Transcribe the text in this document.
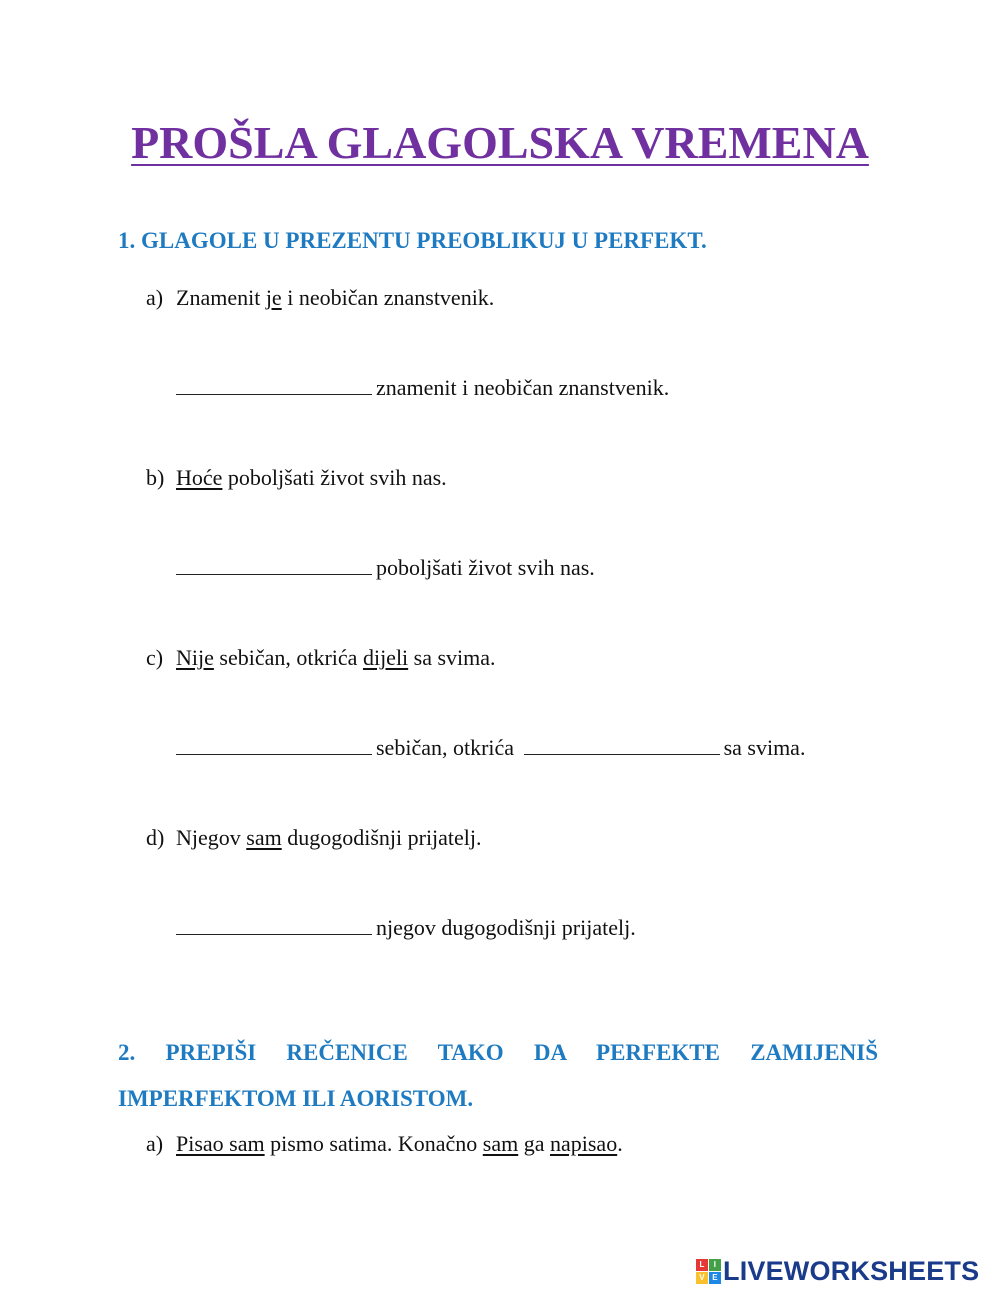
PROŠLA GLAGOLSKA VREMENA
1. GLAGOLE U PREZENTU PREOBLIKUJ U PERFEKT.
a) Znamenit je i neobičan znanstvenik.
znamenit i neobičan znanstvenik.
b) Hoće poboljšati život svih nas.
poboljšati život svih nas.
c) Nije sebičan, otkrića dijeli sa svima.
sebičan, otkrića	sa svima.
d) Njegov sam dugogodišnji prijatelj.
njegov dugogodišnji prijatelj.
2. PREPIŠI REČENICE TAKO DA PERFEKTE ZAMIJENIŠ
IMPERFEKTOM ILI AORISTOM.
a) Pisao sam pismo satima. Konačno sam ga napisao.
L	I
V E LIVEWORKSHEETS
